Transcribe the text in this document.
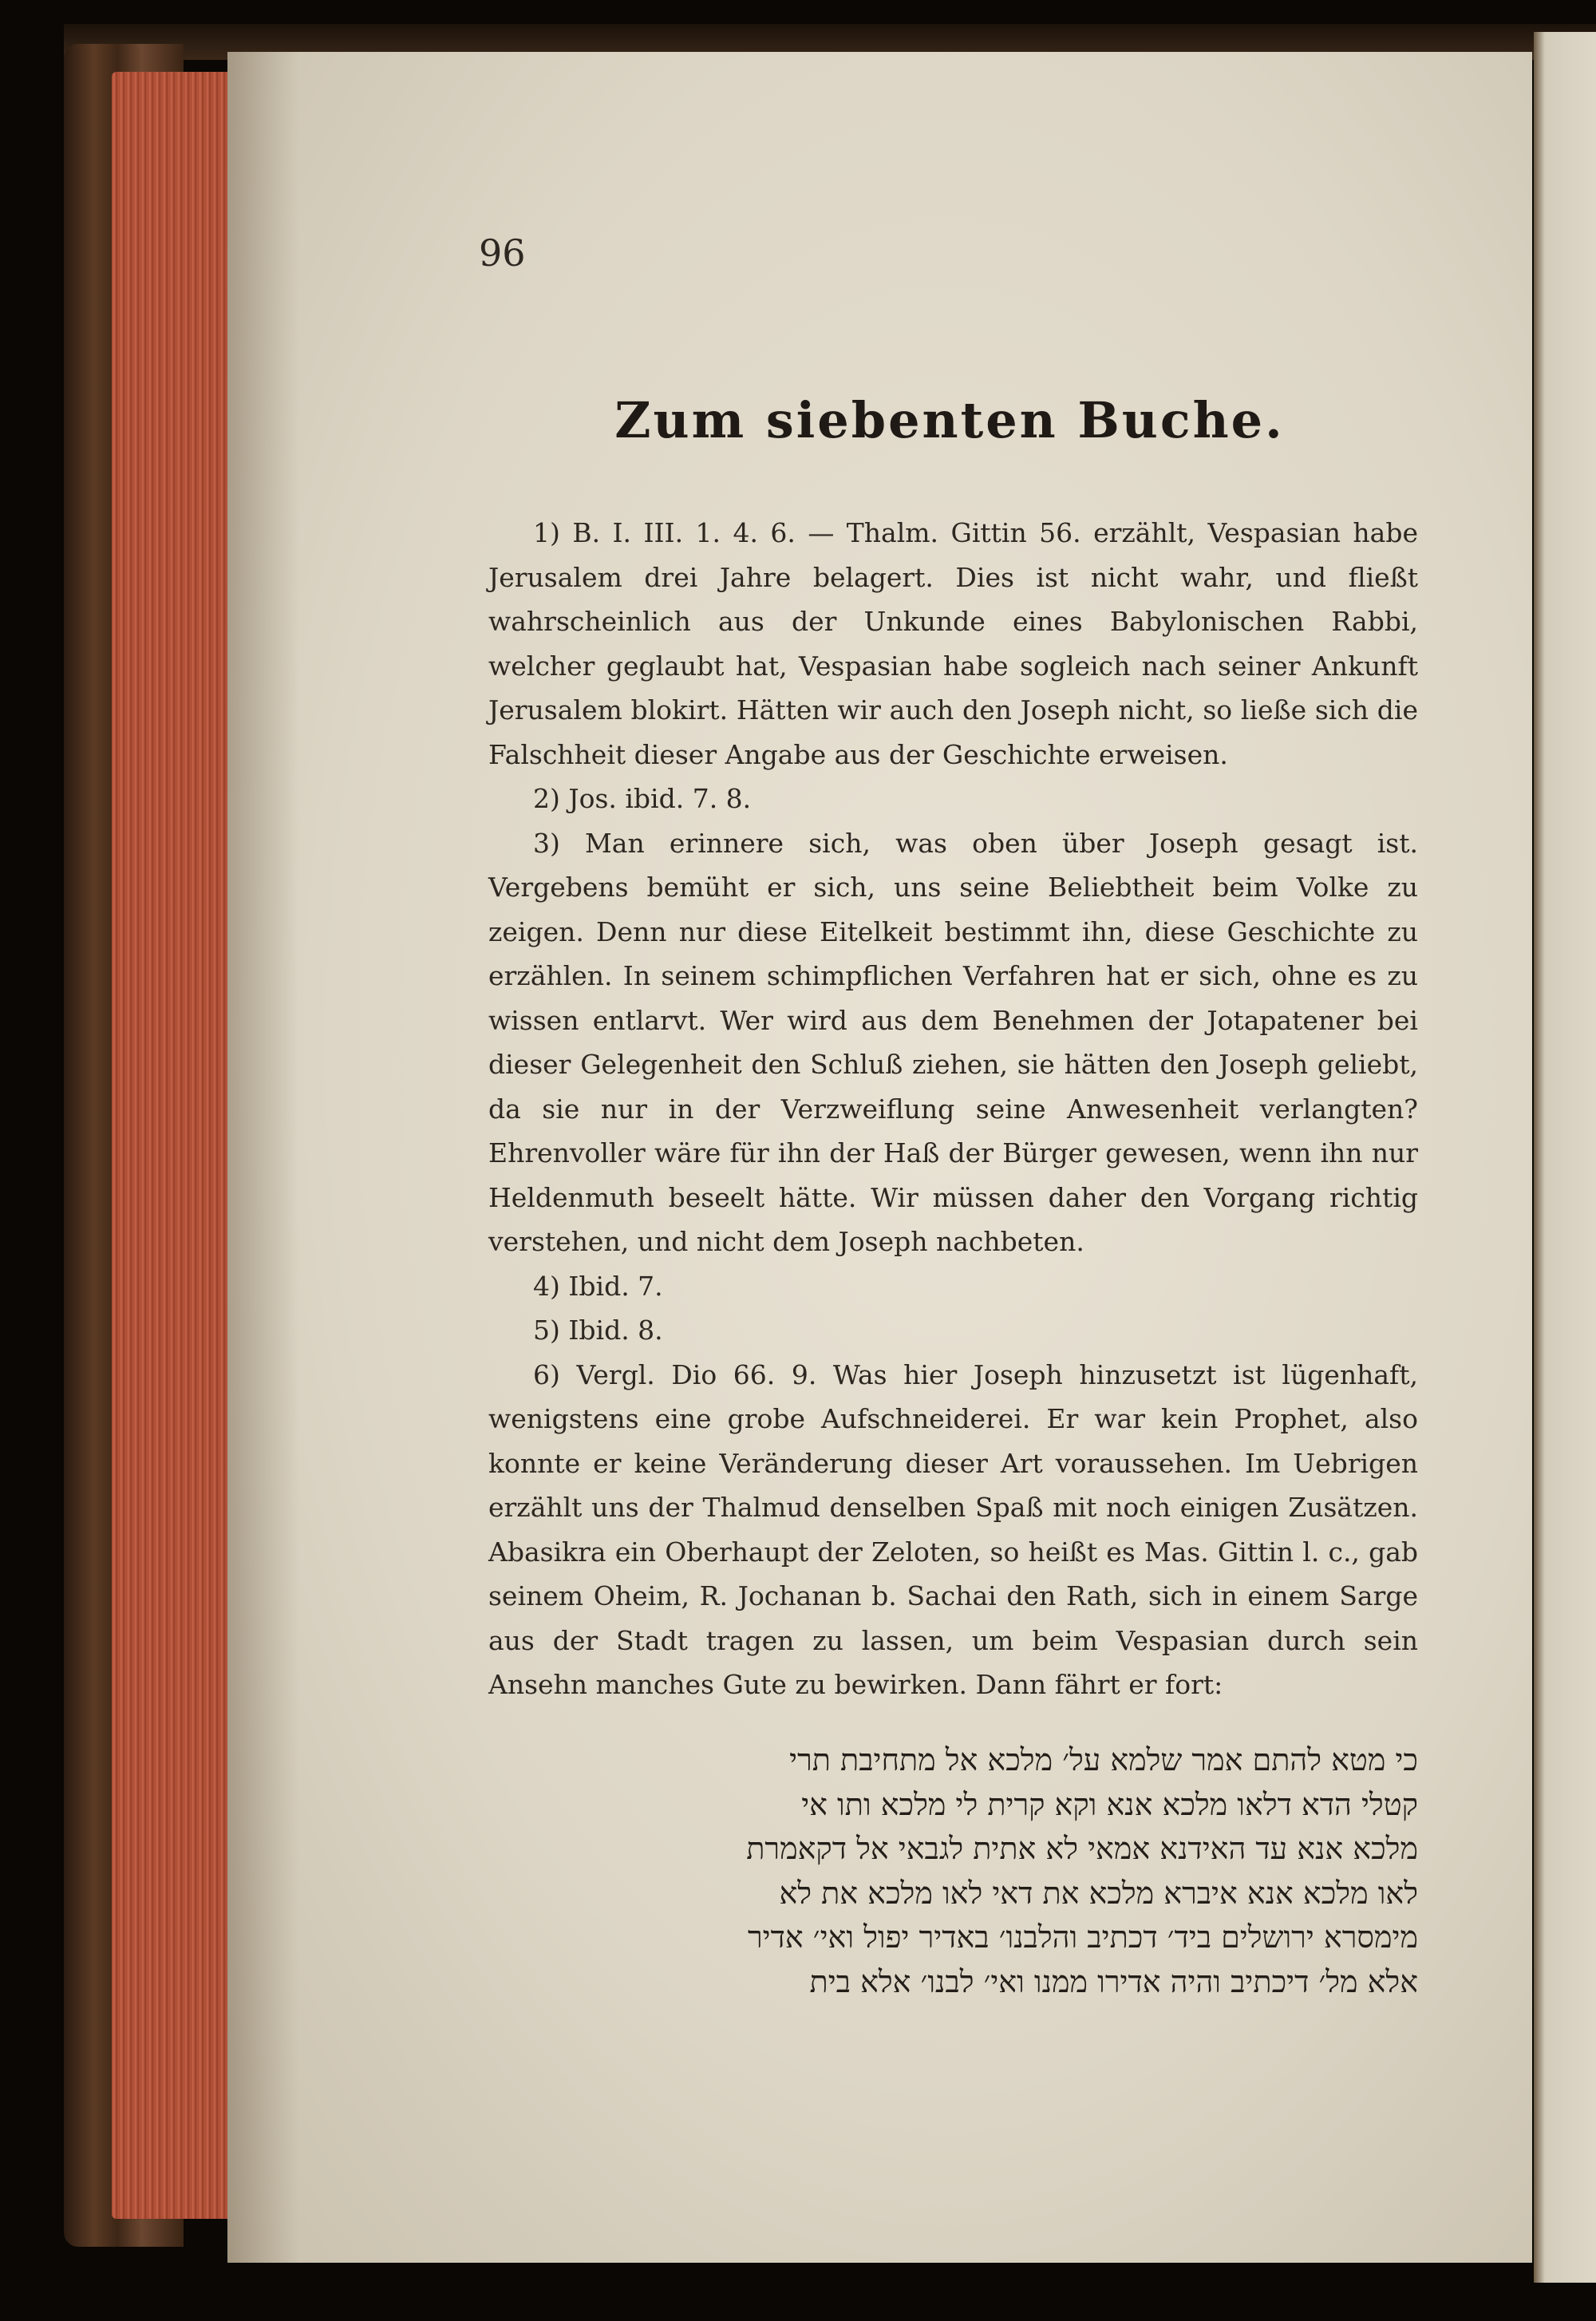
96
Zum siebenten Buche.

1) B. I. III. 1. 4. 6. — Thalm. Gittin 56. erzählt, Vespasian habe Jerusalem drei Jahre belagert. Dies ist nicht wahr, und fließt wahrscheinlich aus der Unkunde eines Babylonischen Rabbi, welcher geglaubt hat, Vespasian habe sogleich nach seiner Ankunft Jerusalem blokirt. Hätten wir auch den Joseph nicht, so ließe sich die Falschheit dieser Angabe aus der Geschichte erweisen.

2) Jos. ibid. 7. 8.

3) Man erinnere sich, was oben über Joseph gesagt ist. Vergebens bemüht er sich, uns seine Beliebtheit beim Volke zu zeigen. Denn nur diese Eitelkeit bestimmt ihn, diese Geschichte zu erzählen. In seinem schimpflichen Verfahren hat er sich, ohne es zu wissen entlarvt. Wer wird aus dem Benehmen der Jotapatener bei dieser Gelegenheit den Schluß ziehen, sie hätten den Joseph geliebt, da sie nur in der Verzweiflung seine Anwesenheit verlangten? Ehrenvoller wäre für ihn der Haß der Bürger gewesen, wenn ihn nur Heldenmuth beseelt hätte. Wir müssen daher den Vorgang richtig verstehen, und nicht dem Joseph nachbeten.

4) Ibid. 7.

5) Ibid. 8.

6) Vergl. Dio 66. 9. Was hier Joseph hinzusetzt ist lügenhaft, wenigstens eine grobe Aufschneiderei. Er war kein Prophet, also konnte er keine Veränderung dieser Art voraussehen. Im Uebrigen erzählt uns der Thalmud denselben Spaß mit noch einigen Zusätzen. Abasikra ein Oberhaupt der Zeloten, so heißt es Mas. Gittin l. c., gab seinem Oheim, R. Jochanan b. Sachai den Rath, sich in einem Sarge aus der Stadt tragen zu lassen, um beim Vespasian durch sein Ansehn manches Gute zu bewirken. Dann fährt er fort:

כי מטא להתם אמר שלמא על׳ מלכא אל מתחיבת תרי
קטלי הדא דלאו מלכא אנא וקא קרית לי מלכא ותו אי
מלכא אנא עד האידנא אמאי לא אתית לגבאי אל דקאמרת
לאו מלכא אנא איברא מלכא את דאי לאו מלכא את לא
מימסרא ירושלים ביד׳ דכתיב והלבנו׳ באדיר יפול ואי׳ אדיר
אלא מל׳ דיכתיב והיה אדירו ממנו ואי׳ לבנו׳ אלא בית
